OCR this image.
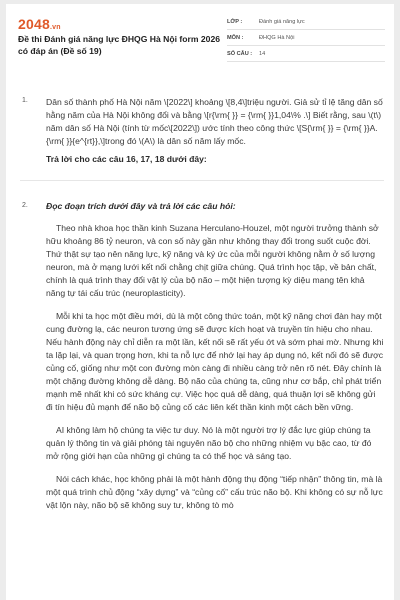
2048.vn
Đề thi Đánh giá năng lực ĐHQG Hà Nội form 2026 có đáp án (Đề số 19)
LỚP :	Đánh giá năng lực
MÔN :	ĐHQG Hà Nội
SỐ CÂU :	14
1. Dân số thành phố Hà Nội năm \[2022\] khoảng \[8,4\]triệu người. Giả sử tỉ lệ tăng dân số hằng năm của Hà Nội không đổi và bằng \[r{\rm{ }} = {\rm{ }}1,04\% .\] Biết rằng, sau \(t\) năm dân số Hà Nội (tính từ mốc\[2022\]) ước tính theo công thức \[S{\rm{ }} = {\rm{ }}A.{\rm{ }}{e^{rt}},\]trong đó \(A\) là dân số năm lấy mốc.

Trả lời cho các câu 16, 17, 18 dưới đây:

2. Đọc đoạn trích dưới đây và trả lời các câu hỏi:

Theo nhà khoa học thần kinh Suzana Herculano-Houzel, một người trưởng thành sở hữu khoảng 86 tỷ neuron, và con số này gần như không thay đổi trong suốt cuộc đời. Thứ thật sự tạo nên năng lực, kỹ năng và ký ức của mỗi người không nằm ở số lượng neuron, mà ở mạng lưới kết nối chằng chịt giữa chúng. Quá trình học tập, về bản chất, chính là quá trình thay đổi vật lý của bộ não – một hiện tượng kỳ diệu mang tên khả năng tự tái cấu trúc (neuroplasticity).

Mỗi khi ta học một điều mới, dù là một công thức toán, một kỹ năng chơi đàn hay một cung đường lạ, các neuron tương ứng sẽ được kích hoạt và truyền tín hiệu cho nhau. Nếu hành động này chỉ diễn ra một lần, kết nối sẽ rất yếu ớt và sớm phai mờ. Nhưng khi ta lặp lại, và quan trọng hơn, khi ta nỗ lực để nhớ lại hay áp dụng nó, kết nối đó sẽ được củng cố, giống như một con đường mòn càng đi nhiều càng trở nên rõ nét. Đây chính là một chặng đường không dễ dàng. Bộ não của chúng ta, cũng như cơ bắp, chỉ phát triển mạnh mẽ nhất khi có sức kháng cự. Việc học quá dễ dàng, quá thuận lợi sẽ không gửi đi tín hiệu đủ mạnh để não bộ củng cố các liên kết thần kinh một cách bền vững.

AI không làm hộ chúng ta việc tư duy. Nó là một người trợ lý đắc lực giúp chúng ta quản lý thông tin và giải phóng tài nguyên não bộ cho những nhiệm vụ bậc cao, từ đó mở rộng giới hạn của những gì chúng ta có thể học và sáng tạo.

Nói cách khác, học không phải là một hành động thụ động “tiếp nhận” thông tin, mà là một quá trình chủ động “xây dựng” và “củng cố” cấu trúc não bộ. Khi không có sự nỗ lực vật lộn này, não bộ sẽ không suy tư, không tò mò
